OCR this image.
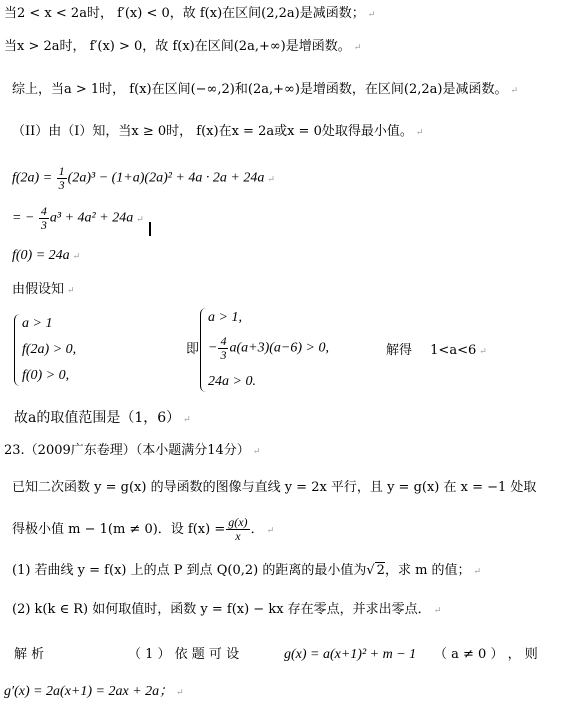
当2 < x < 2a时， f′(x) < 0，故 f(x)在区间(2,2a)是减函数； ↵
当x > 2a时， f′(x) > 0，故 f(x)在区间(2a,+∞)是增函数。 ↵
综上，当a > 1时， f(x)在区间(−∞,2)和(2a,+∞)是增函数，在区间(2,2a)是减函数。 ↵
（II）由（I）知，当x ≥ 0时， f(x)在x = 2a或x = 0处取得最小值。 ↵
$f(2a) = \frac{1}{3} (2a)^3 - (1+a)(2a)^2 + 4a \cdot 2a + 24a$ ↵
= − $\frac{4}{3} a^3 + 4a^2 + 24a$ ↵
f(0) = 24a ↵
由假设知 ↵
a > 1
f(2a) > 0,
f(0) > 0,
即
a > 1,
− $\frac{4}{3} a(a+3)(a-6) > 0$,
24a > 0.
解得 1<a<6 ↵
故a的取值范围是（1，6） ↵
23.（2009广东卷理）（本小题满分14分） ↵
已知二次函数 y = g(x) 的导函数的图像与直线 y = 2x 平行，且 y = g(x) 在 x = −1 处取
得极小值 m − 1(m ≠ 0)．设 $f(x) = \frac{g(x)}{x}$ ． ↵
(1) 若曲线 y = f(x) 上的点 P 到点 Q(0,2) 的距离的最小值为√ 2，求 m 的值； ↵
(2) k(k ∈ R) 如何取值时，函数 y = f(x) − kx 存在零点，并求出零点． ↵
解 析	（ 1 ） 依 题 可 设	g(x) = a(x+1)² + m − 1 （ a ≠ 0 ） ， 则
g′(x) = 2a(x+1) = 2ax + 2a； ↵
